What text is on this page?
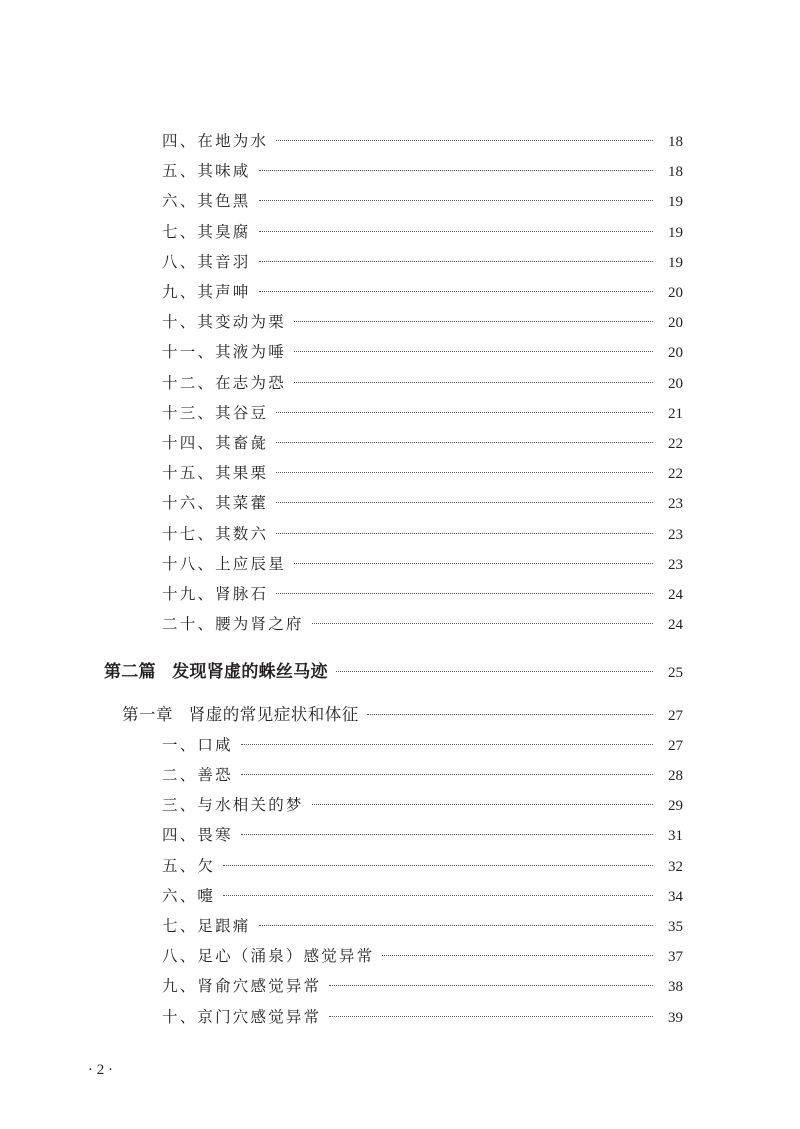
四、在地为水	18
五、其味咸	18
六、其色黑	19
七、其臭腐	19
八、其音羽	19
九、其声呻	20
十、其变动为栗	20
十一、其液为唾	20
十二、在志为恐	20
十三、其谷豆	21
十四、其畜彘	22
十五、其果栗	22
十六、其菜藿	23
十七、其数六	23
十八、上应辰星	23
十九、肾脉石	24
二十、腰为肾之府	24
第二篇 发现肾虚的蛛丝马迹	25
第一章 肾虚的常见症状和体征	27
一、口咸	27
二、善恐	28
三、与水相关的梦	29
四、畏寒	31
五、欠	32
六、嚏	34
七、足跟痛	35
八、足心（涌泉）感觉异常	37
九、肾俞穴感觉异常	38
十、京门穴感觉异常	39
· 2 ·
